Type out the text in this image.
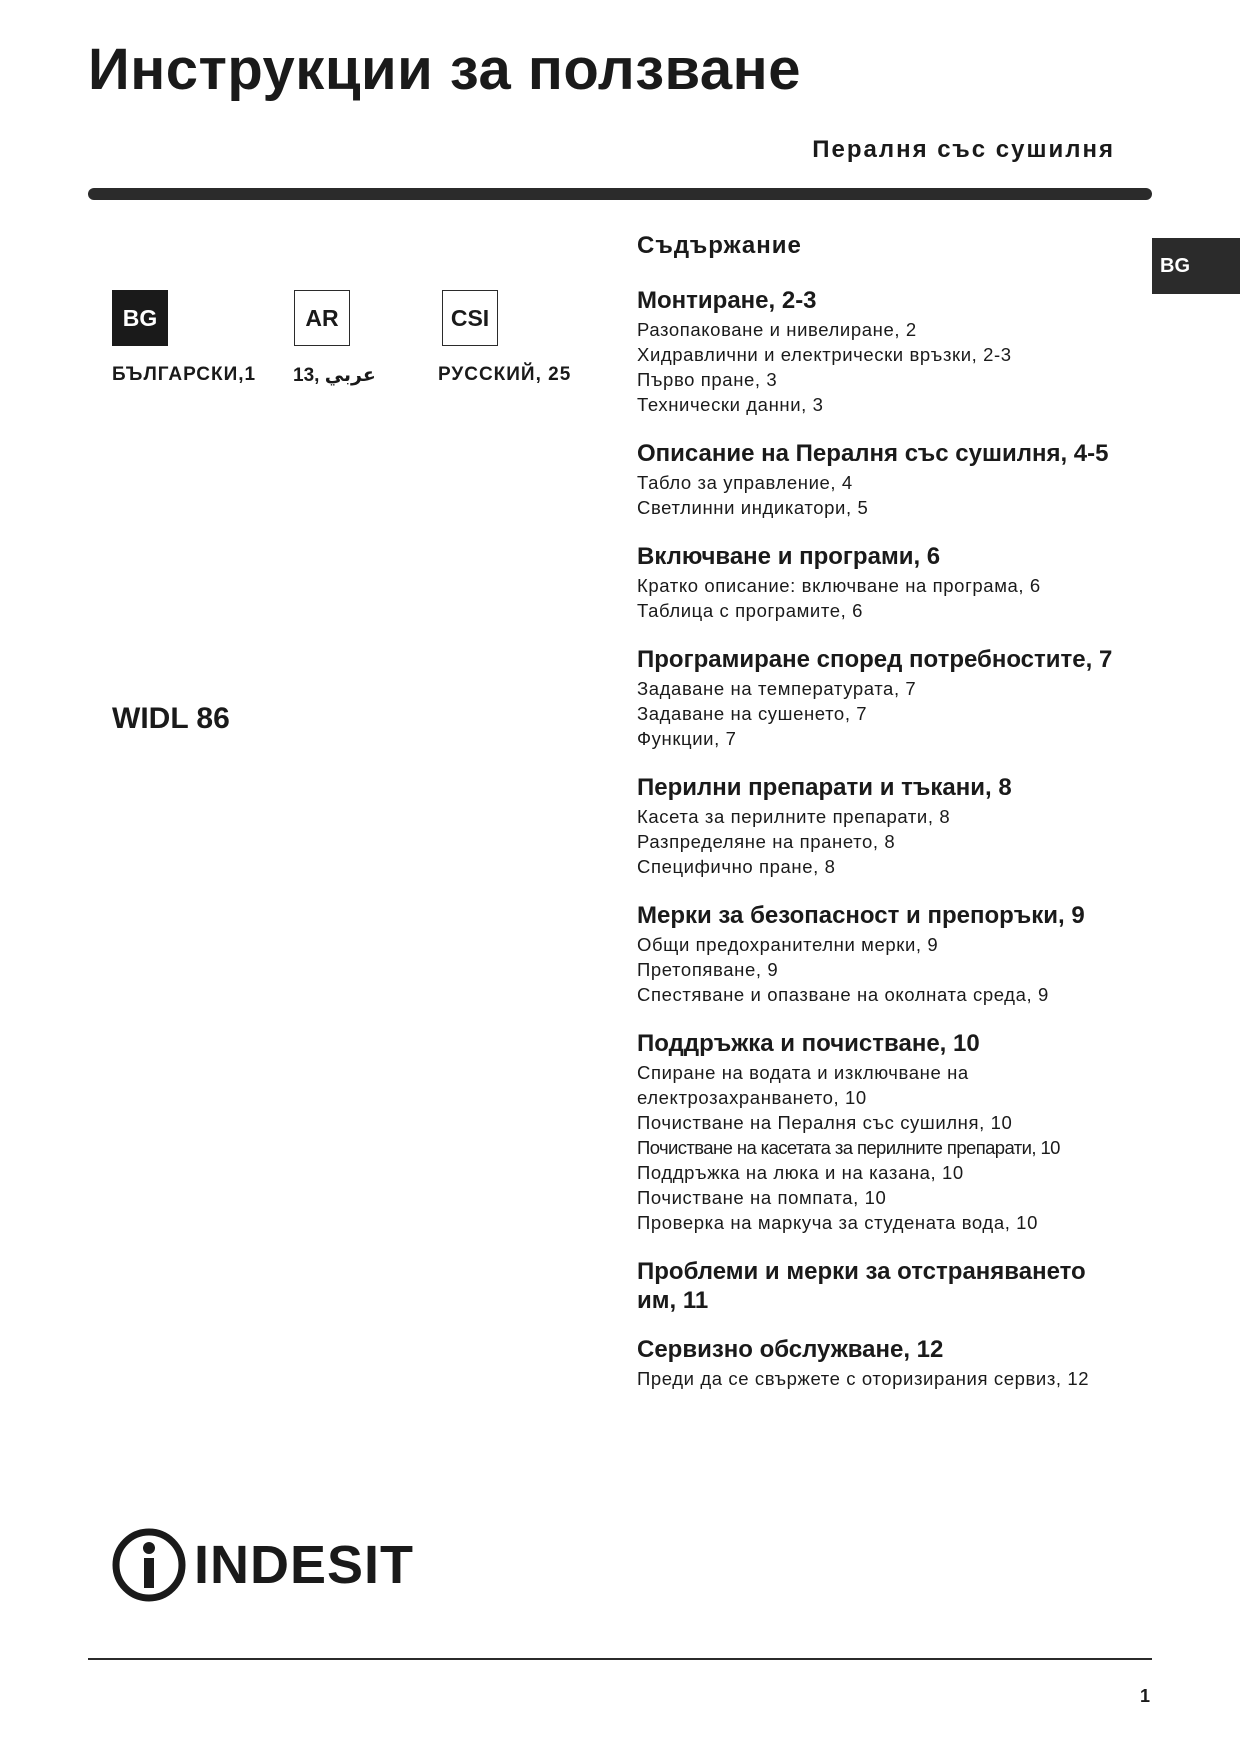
Инструкции за ползване
Пералня със сушилня
BG
BG	AR	CSI
БЪЛГАРСКИ,1 عربي ,13	РУССКИЙ, 25
WIDL 86
Съдържание
Монтиране, 2-3
Разопаковане и нивелиране, 2
Хидравлични и електрически връзки, 2-3
Първо пране, 3
Технически данни, 3
Описание на Пералня със сушилня, 4-5
Табло за управление, 4
Светлинни индикатори, 5
Включване и програми, 6
Кратко описание: включване на програма, 6
Таблица с програмите, 6
Програмиране според потребностите, 7
Задаване на температурата, 7
Задаване на сушенето, 7
Функции, 7
Перилни препарати и тъкани, 8
Касета за перилните препарати, 8
Разпределяне на прането, 8
Специфично пране, 8
Мерки за безопасност и препоръки, 9
Общи предохранителни мерки, 9
Претопяване, 9
Спестяване и опазване на околната среда, 9
Поддръжка и почистване, 10
Спиране на водата и изключване на
електрозахранването, 10
Почистване на Пералня със сушилня, 10
Почистване на касетата за перилните препарати, 10
Поддръжка на люка и на казана, 10
Почистване на помпата, 10
Проверка на маркуча за студената вода, 10
Проблеми и мерки за отстраняването
им, 11
Сервизно обслужване, 12
Преди да се свържете с оторизирания сервиз, 12
INDESIT
1
